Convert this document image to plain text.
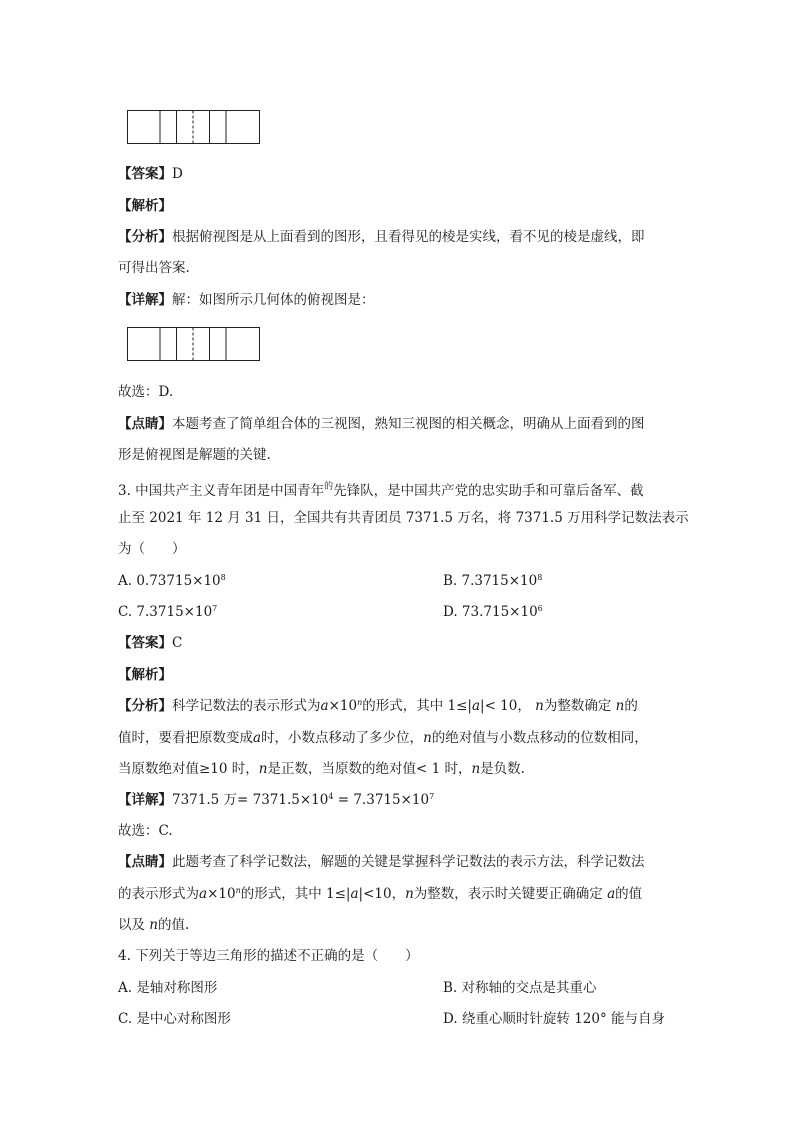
【答案】D
【解析】
【分析】根据俯视图是从上面看到的图形，且看得见的棱是实线，看不见的棱是虚线，即
可得出答案.
【详解】解：如图所示几何体的俯视图是：
故选：D.
【点睛】本题考查了简单组合体的三视图，熟知三视图的相关概念，明确从上面看到的图
形是俯视图是解题的关键.
3. 中国共产主义青年团是中国青年$^的$先锋队，是中国共产党的忠实助手和可靠后备军、截
止至 2021 年 12 月 31 日，全国共有共青团员 7371.5 万名，将 7371.5 万用科学记数法表示
为（　　）
A. $0.73715\times 10^8$	B. $7.3715\times 10^8$
C. $7.3715\times 10^7$	D. $73.715\times 10^6$
【答案】C
【解析】
【分析】科学记数法的表示形式为$a\times 10^n$的形式，其中 1≤|a|< 10， n为整数确定 n的
值时，要看把原数变成a时，小数点移动了多少位，n的绝对值与小数点移动的位数相同，
当原数绝对值≥10 时，n是正数，当原数的绝对值< 1 时，n是负数.
【详解】7371.5 万= $7371.5\times 10^4 = 7.3715\times 10^7$
故选：C.
【点睛】此题考查了科学记数法，解题的关键是掌握科学记数法的表示方法，科学记数法
的表示形式为$a\times 10^n$的形式，其中 1≤|a|<10，n为整数，表示时关键要正确确定 a的值
以及 n的值.
4. 下列关于等边三角形的描述不正确的是（　　）
A. 是轴对称图形	B. 对称轴的交点是其重心
C. 是中心对称图形	D. 绕重心顺时针旋转 120° 能与自身
